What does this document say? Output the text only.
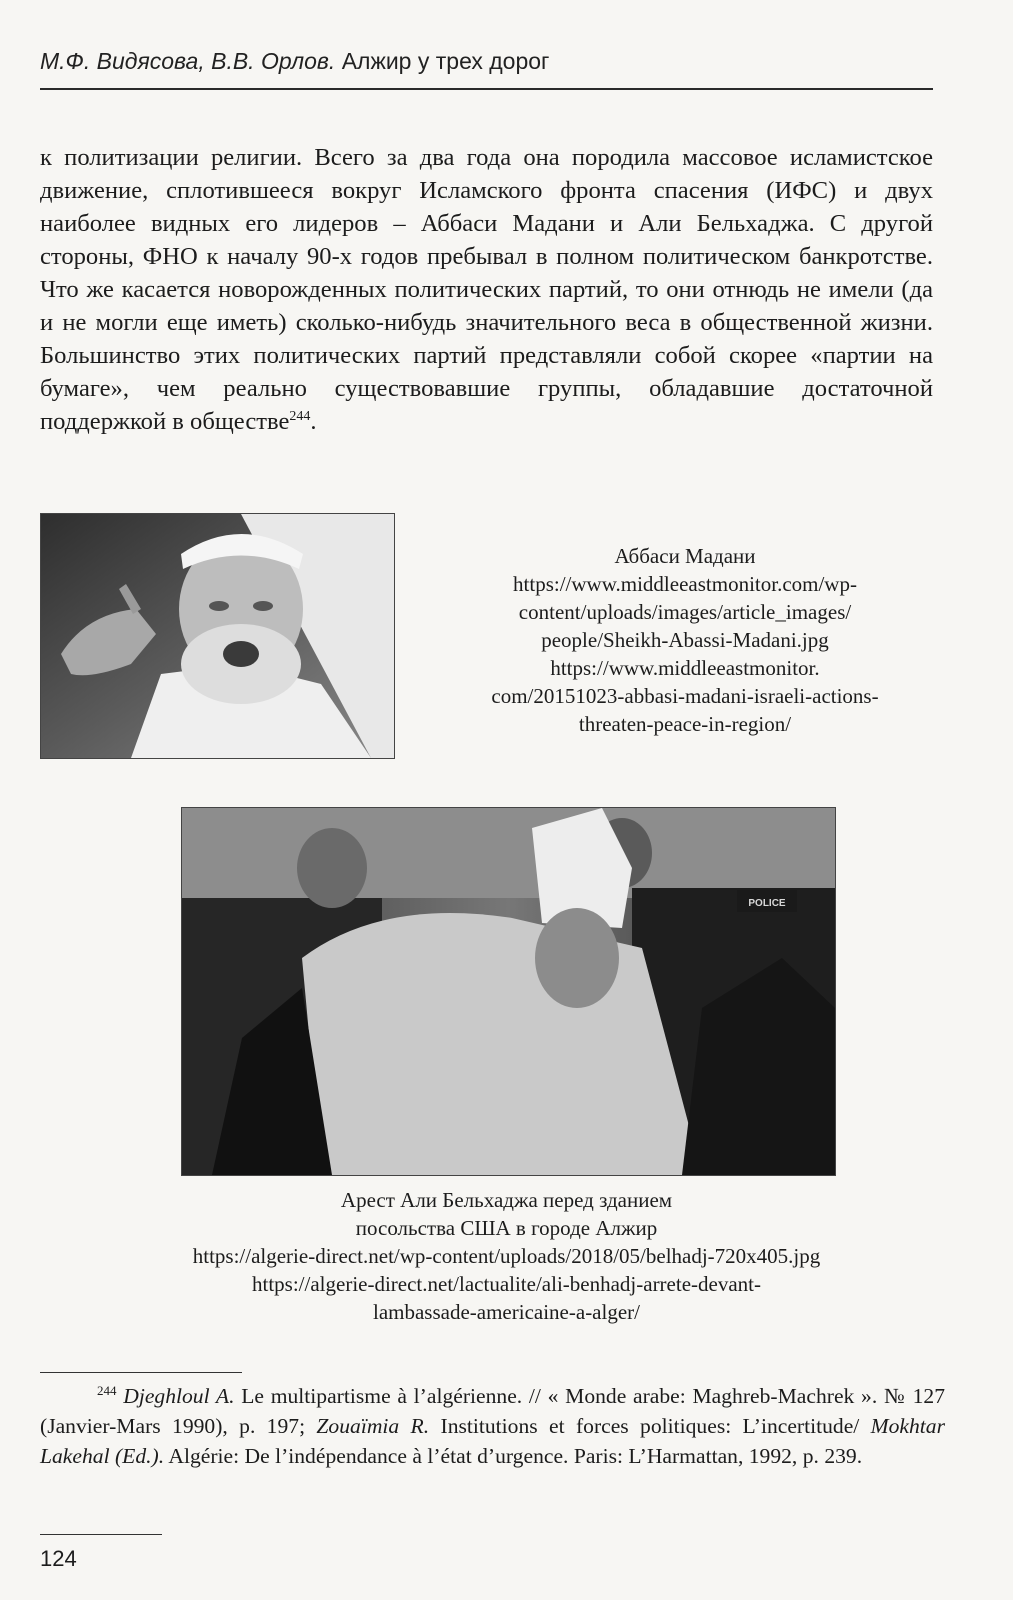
М.Ф. Видясова, В.В. Орлов. Алжир у трех дорог
к политизации религии. Всего за два года она породила массовое исламистское движение, сплотившееся вокруг Исламского фронта спасения (ИФС) и двух наиболее видных его лидеров – Аббаси Мадани и Али Бельхаджа. С другой стороны, ФНО к началу 90-х годов пребывал в полном политическом банкротстве. Что же касается новорожденных политических партий, то они отнюдь не имели (да и не могли еще иметь) сколько-нибудь значительного веса в общественной жизни. Большинство этих политических партий представляли собой скорее «партии на бумаге», чем реально существовавшие группы, обладавшие достаточной поддержкой в обществе$^{244}$.
Аббаси Мадани
https://www.middleeastmonitor.com/wp-
content/uploads/images/article_images/
people/Sheikh-Abassi-Madani.jpg
https://www.middleeastmonitor.
com/20151023-abbasi-madani-israeli-actions-
threaten-peace-in-region/
POLICE
Арест Али Бельхаджа перед зданием
посольства США в городе Алжир
https://algerie-direct.net/wp-content/uploads/2018/05/belhadj-720x405.jpg
https://algerie-direct.net/lactualite/ali-benhadj-arrete-devant-
lambassade-americaine-a-alger/
$^{244}$ Djeghloul A. Le multipartisme à l’algérienne. // « Monde arabe: Maghreb-Machrek ». № 127 (Janvier-Mars 1990), p. 197; Zouaïmia R. Institutions et forces politiques: L’incertitude/ Mokhtar Lakehal (Ed.). Algérie: De l’indépendance à l’état d’urgence. Paris: L’Harmattan, 1992, p. 239.
124
